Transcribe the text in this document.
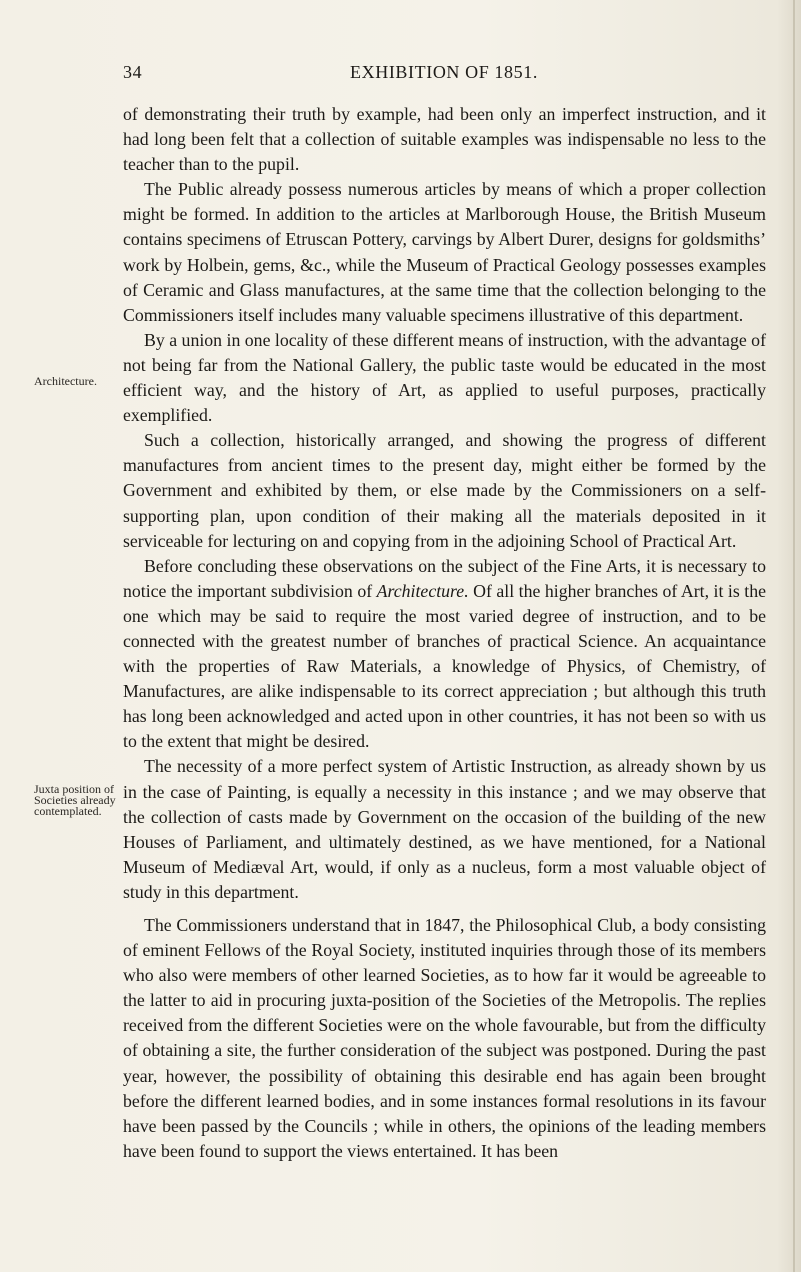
34	EXHIBITION OF 1851.

of demonstrating their truth by example, had been only an imperfect instruction, and it had long been felt that a collection of suitable examples was indispensable no less to the teacher than to the pupil.

The Public already possess numerous articles by means of which a proper collection might be formed. In addition to the articles at Marlborough House, the British Museum contains specimens of Etruscan Pottery, carvings by Albert Durer, designs for goldsmiths’ work by Holbein, gems, &c., while the Museum of Practical Geology possesses examples of Ceramic and Glass manufactures, at the same time that the collection belonging to the Commissioners itself includes many valuable specimens illustrative of this department.

By a union in one locality of these different means of instruction, with the advantage of not being far from the National Gallery, the public taste would be educated in the most efficient way, and the history of Art, as applied to useful purposes, practically exemplified.

Such a collection, historically arranged, and showing the progress of different manufactures from ancient times to the present day, might either be formed by the Government and exhibited by them, or else made by the Commissioners on a self-supporting plan, upon condition of their making all the materials deposited in it serviceable for lecturing on and copying from in the adjoining School of Practical Art.

Before concluding these observations on the subject of the Fine Arts, it is necessary to notice the important subdivision of Architecture. Of all the higher branches of Art, it is the one which may be said to require the most varied degree of instruction, and to be connected with the greatest number of branches of practical Science. An acquaintance with the properties of Raw Materials, a knowledge of Physics, of Chemistry, of Manufactures, are alike indispensable to its correct appreciation ; but although this truth has long been acknowledged and acted upon in other countries, it has not been so with us to the extent that might be desired.

The necessity of a more perfect system of Artistic Instruction, as already shown by us in the case of Painting, is equally a necessity in this instance ; and we may observe that the collection of casts made by Government on the occasion of the building of the new Houses of Parliament, and ultimately destined, as we have mentioned, for a National Museum of Mediæval Art, would, if only as a nucleus, form a most valuable object of study in this department.

The Commissioners understand that in 1847, the Philosophical Club, a body consisting of eminent Fellows of the Royal Society, instituted inquiries through those of its members who also were members of other learned Societies, as to how far it would be agreeable to the latter to aid in procuring juxta-position of the Societies of the Metropolis. The replies received from the different Societies were on the whole favourable, but from the difficulty of obtaining a site, the further consideration of the subject was postponed. During the past year, however, the possibility of obtaining this desirable end has again been brought before the different learned bodies, and in some instances formal resolutions in its favour have been passed by the Councils ; while in others, the opinions of the leading members have been found to support the views entertained. It has been

Architecture.
Juxta position of
Societies already
contemplated.
